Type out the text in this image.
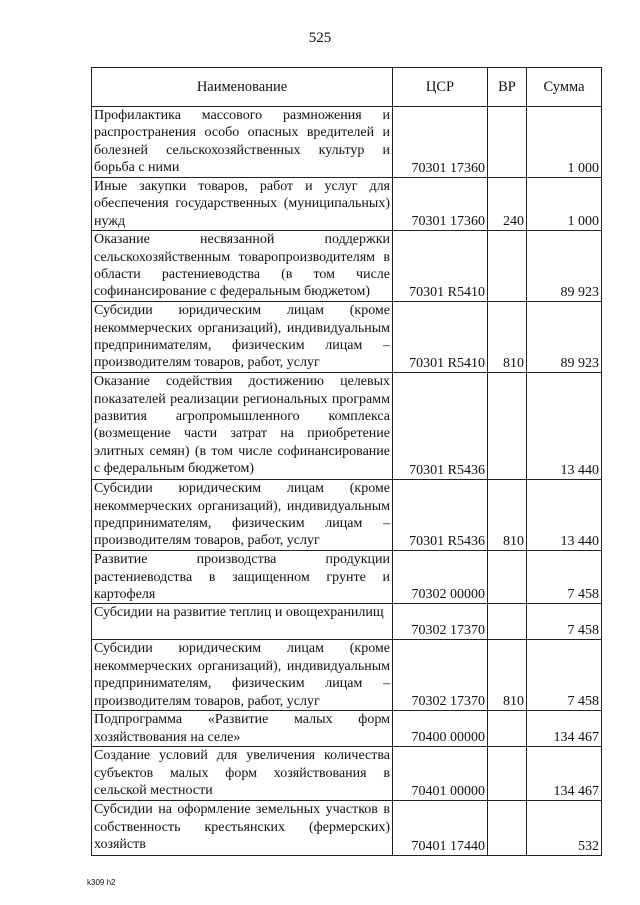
525
Наименование	ЦСР	ВР	Сумма
Профилактика массового размножения и распространения особо опасных вредителей и болезней сельскохозяйственных культур и борьба с ними	70301 17360		1 000
Иные закупки товаров, работ и услуг для обеспечения государственных (муниципальных) нужд	70301 17360	240	1 000
Оказание несвязанной поддержки сельскохозяйственным товаропроизводителям в области растениеводства (в том числе софинансирование с федеральным бюджетом)	70301 R5410		89 923
Субсидии юридическим лицам (кроме некоммерческих организаций), индивидуальным предпринимателям, физическим лицам – производителям товаров, работ, услуг	70301 R5410	810	89 923
Оказание содействия достижению целевых показателей реализации региональных программ развития агропромышленного комплекса (возмещение части затрат на приобретение элитных семян) (в том числе софинансирование с федеральным бюджетом)	70301 R5436		13 440
Субсидии юридическим лицам (кроме некоммерческих организаций), индивидуальным предпринимателям, физическим лицам – производителям товаров, работ, услуг	70301 R5436	810	13 440
Развитие производства продукции растениеводства в защищенном грунте и картофеля	70302 00000		7 458
Субсидии на развитие теплиц и овощехранилищ	70302 17370		7 458
Субсидии юридическим лицам (кроме некоммерческих организаций), индивидуальным предпринимателям, физическим лицам – производителям товаров, работ, услуг	70302 17370	810	7 458
Подпрограмма «Развитие малых форм хозяйствования на селе»	70400 00000		134 467
Создание условий для увеличения количества субъектов малых форм хозяйствования в сельской местности	70401 00000		134 467
Субсидии на оформление земельных участков в собственность крестьянских (фермерских) хозяйств	70401 17440		532
k309 h2
